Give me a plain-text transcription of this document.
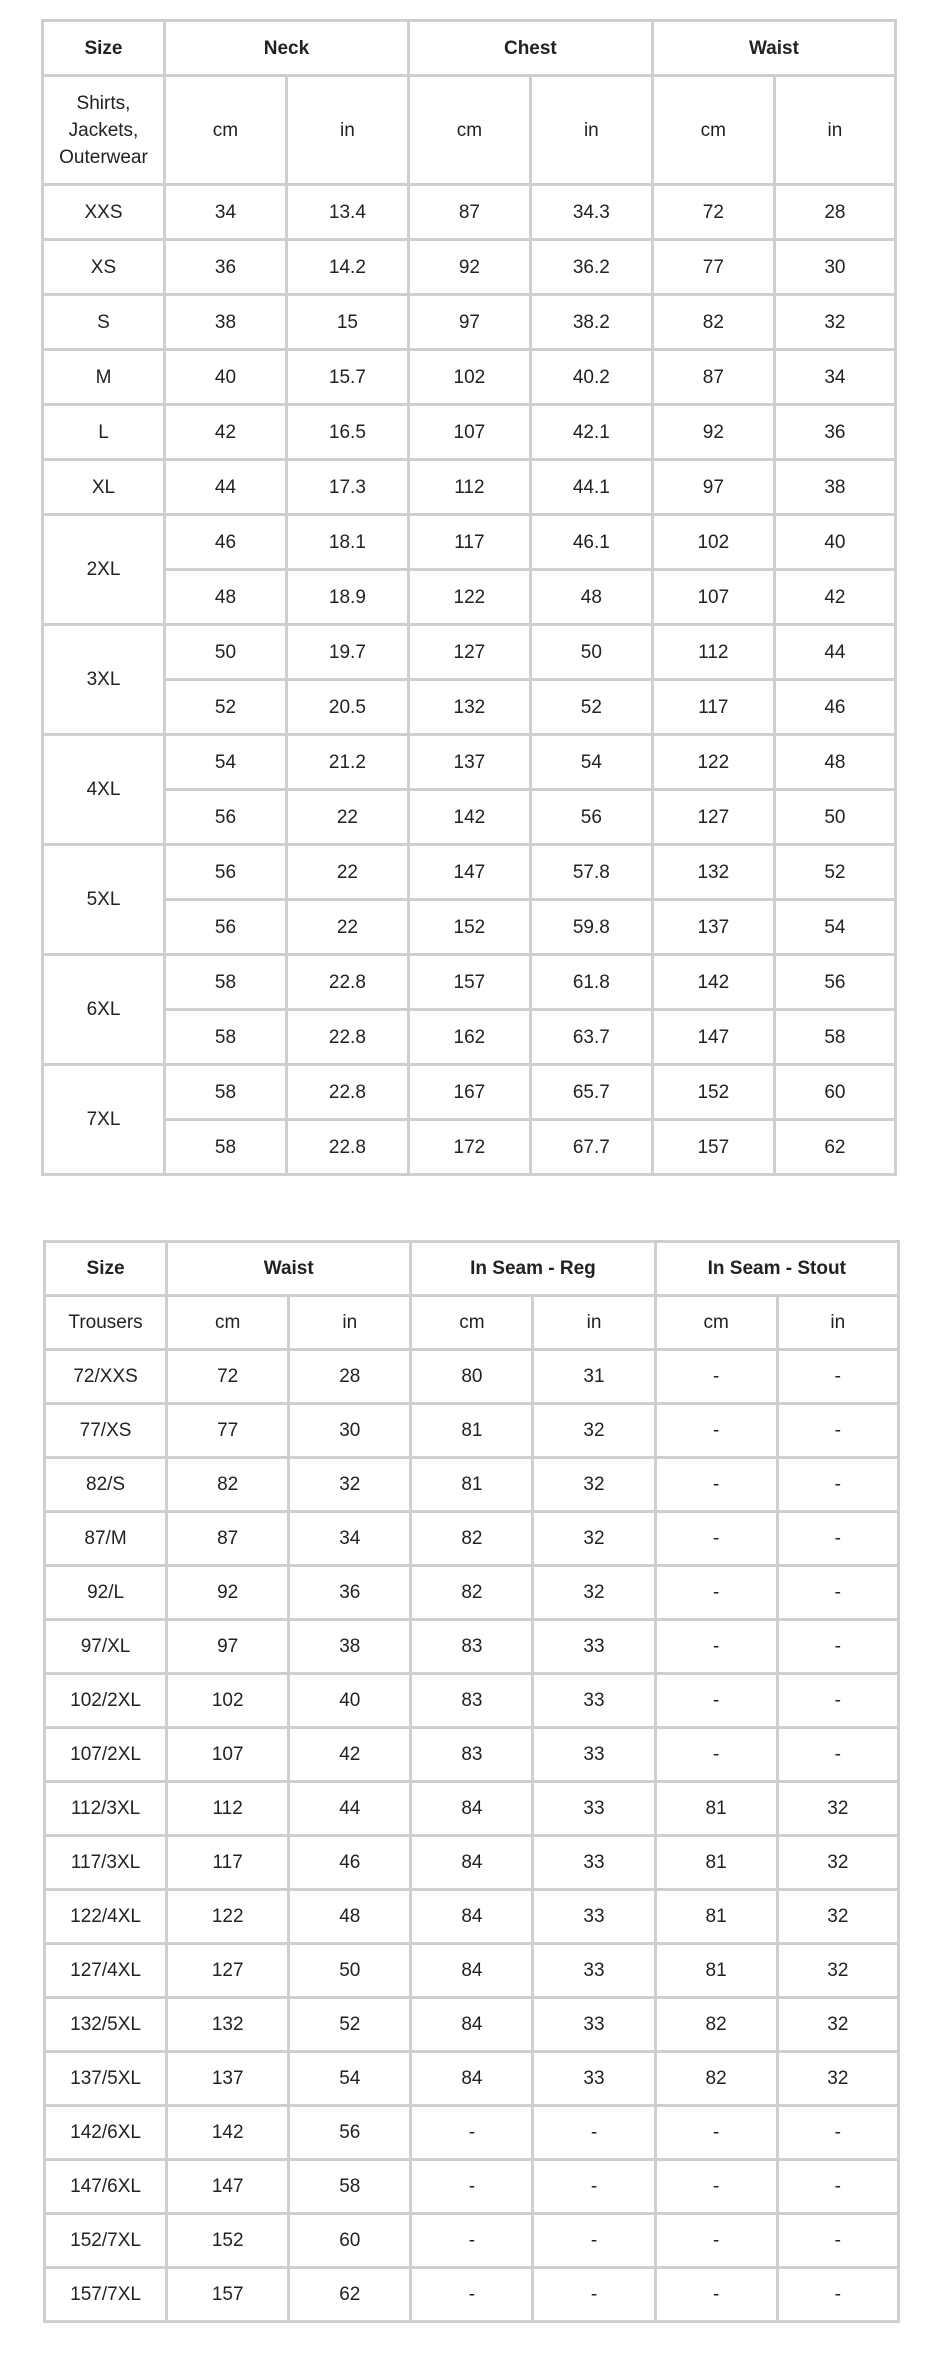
Size	Neck		Chest		Waist	
Shirts, Jackets, Outerwear	cm	in	cm	in	cm	in
XXS	34	13.4	87	34.3	72	28
XS	36	14.2	92	36.2	77	30
S	38	15	97	38.2	82	32
M	40	15.7	102	40.2	87	34
L	42	16.5	107	42.1	92	36
XL	44	17.3	112	44.1	97	38
2XL	46	18.1	117	46.1	102	40
	48	18.9	122	48	107	42
3XL	50	19.7	127	50	112	44
	52	20.5	132	52	117	46
4XL	54	21.2	137	54	122	48
	56	22	142	56	127	50
5XL	56	22	147	57.8	132	52
	56	22	152	59.8	137	54
6XL	58	22.8	157	61.8	142	56
	58	22.8	162	63.7	147	58
7XL	58	22.8	167	65.7	152	60
	58	22.8	172	67.7	157	62
Size	Waist		In Seam - Reg		In Seam - Stout	
Trousers	cm	in	cm	in	cm	in
72/XXS	72	28	80	31	-	-
77/XS	77	30	81	32	-	-
82/S	82	32	81	32	-	-
87/M	87	34	82	32	-	-
92/L	92	36	82	32	-	-
97/XL	97	38	83	33	-	-
102/2XL	102	40	83	33	-	-
107/2XL	107	42	83	33	-	-
112/3XL	112	44	84	33	81	32
117/3XL	117	46	84	33	81	32
122/4XL	122	48	84	33	81	32
127/4XL	127	50	84	33	81	32
132/5XL	132	52	84	33	82	32
137/5XL	137	54	84	33	82	32
142/6XL	142	56	-	-	-	-
147/6XL	147	58	-	-	-	-
152/7XL	152	60	-	-	-	-
157/7XL	157	62	-	-	-	-
